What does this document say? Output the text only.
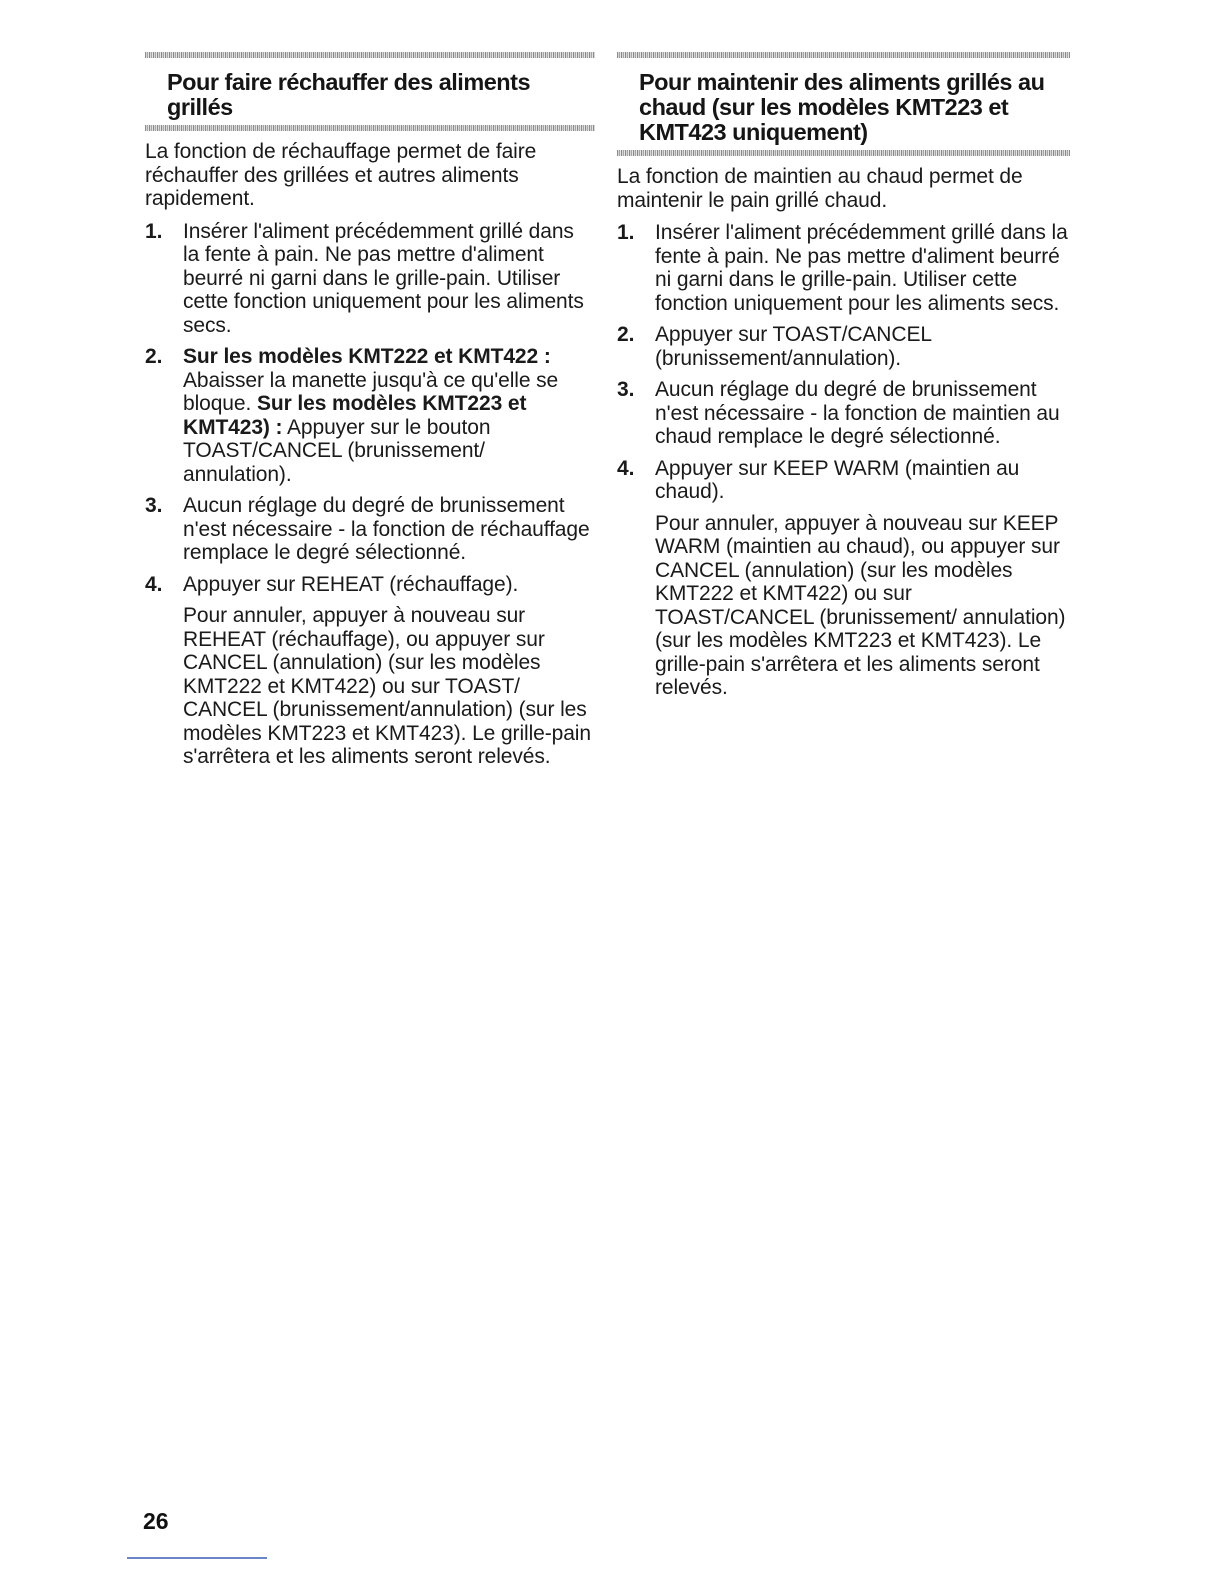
Pour faire réchauffer des aliments grillés

La fonction de réchauffage permet de faire réchauffer des grillées et autres aliments rapidement.

1. Insérer l'aliment précédemment grillé dans la fente à pain. Ne pas mettre d'aliment beurré ni garni dans le grille-pain. Utiliser cette fonction uniquement pour les aliments secs.
2. Sur les modèles KMT222 et KMT422 : Abaisser la manette jusqu'à ce qu'elle se bloque. Sur les modèles KMT223 et KMT423) : Appuyer sur le bouton TOAST/CANCEL (brunissement/ annulation).
3. Aucun réglage du degré de brunissement n'est nécessaire - la fonction de réchauffage remplace le degré sélectionné.
4. Appuyer sur REHEAT (réchauffage).
Pour annuler, appuyer à nouveau sur REHEAT (réchauffage), ou appuyer sur CANCEL (annulation) (sur les modèles KMT222 et KMT422) ou sur TOAST/ CANCEL (brunissement/annulation) (sur les modèles KMT223 et KMT423). Le grille-pain s'arrêtera et les aliments seront relevés.
Pour maintenir des aliments grillés au chaud (sur les modèles KMT223 et KMT423 uniquement)

La fonction de maintien au chaud permet de maintenir le pain grillé chaud.

1. Insérer l'aliment précédemment grillé dans la fente à pain. Ne pas mettre d'aliment beurré ni garni dans le grille-pain. Utiliser cette fonction uniquement pour les aliments secs.
2. Appuyer sur TOAST/CANCEL (brunissement/annulation).
3. Aucun réglage du degré de brunissement n'est nécessaire - la fonction de maintien au chaud remplace le degré sélectionné.
4. Appuyer sur KEEP WARM (maintien au chaud).
Pour annuler, appuyer à nouveau sur KEEP WARM (maintien au chaud), ou appuyer sur CANCEL (annulation) (sur les modèles KMT222 et KMT422) ou sur TOAST/CANCEL (brunissement/ annulation) (sur les modèles KMT223 et KMT423). Le grille-pain s'arrêtera et les aliments seront relevés.
26
